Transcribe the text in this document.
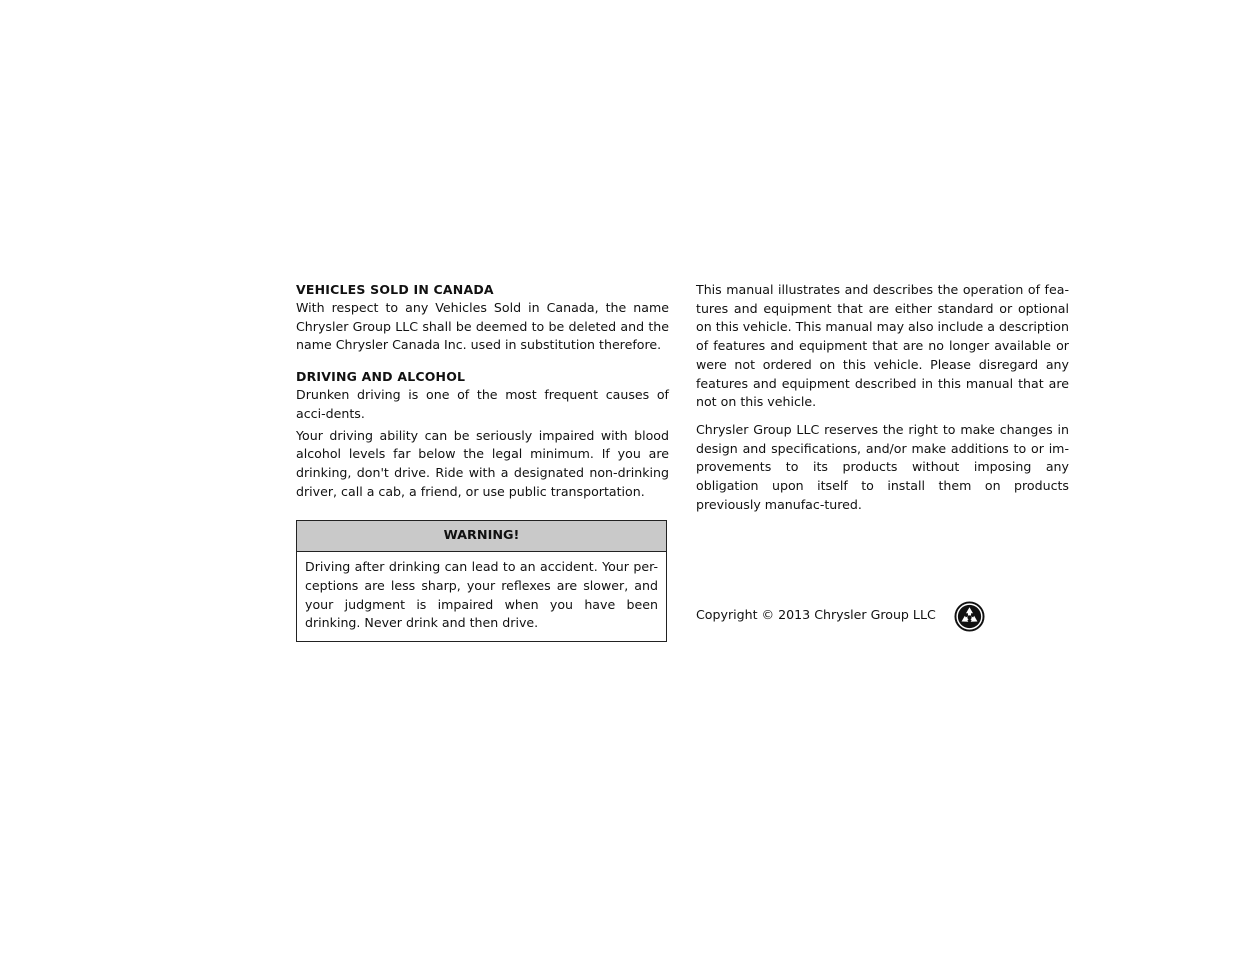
VEHICLES SOLD IN CANADA

With respect to any Vehicles Sold in Canada, the name Chrysler Group LLC shall be deemed to be deleted and the name Chrysler Canada Inc. used in substitution therefore.

DRIVING AND ALCOHOL

Drunken driving is one of the most frequent causes of acci-dents.

Your driving ability can be seriously impaired with blood alcohol levels far below the legal minimum. If you are drinking, don't drive. Ride with a designated non-drinking driver, call a cab, a friend, or use public transportation.

WARNING!

Driving after drinking can lead to an accident. Your per-ceptions are less sharp, your reflexes are slower, and your judgment is impaired when you have been drinking. Never drink and then drive.

This manual illustrates and describes the operation of fea-tures and equipment that are either standard or optional on this vehicle. This manual may also include a description of features and equipment that are no longer available or were not ordered on this vehicle. Please disregard any features and equipment described in this manual that are not on this vehicle.

Chrysler Group LLC reserves the right to make changes in design and specifications, and/or make additions to or im-provements to its products without imposing any obligation upon itself to install them on products previously manufac-tured.

Copyright © 2013 Chrysler Group LLC
